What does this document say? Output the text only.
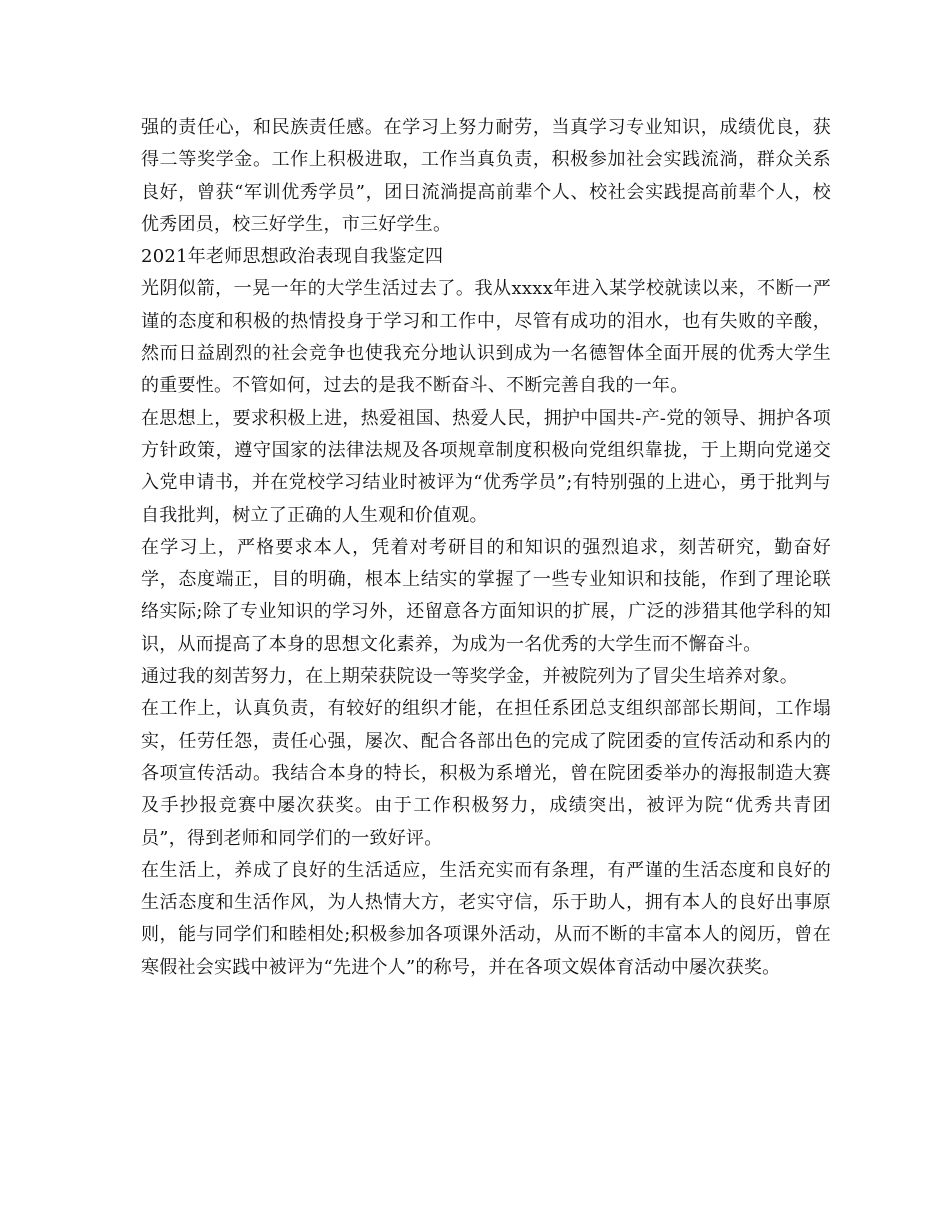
强的责任心，和民族责任感。在学习上努力耐劳，当真学习专业知识，成绩优良，获得二等奖学金。工作上积极进取，工作当真负责，积极参加社会实践流淌，群众关系良好，曾获“军训优秀学员”，团日流淌提高前辈个人、校社会实践提高前辈个人，校优秀团员，校三好学生，市三好学生。

2021年老师思想政治表现自我鉴定四

光阴似箭，一晃一年的大学生活过去了。我从xxxx年进入某学校就读以来，不断一严谨的态度和积极的热情投身于学习和工作中，尽管有成功的泪水，也有失败的辛酸，然而日益剧烈的社会竞争也使我充分地认识到成为一名德智体全面开展的优秀大学生的重要性。不管如何，过去的是我不断奋斗、不断完善自我的一年。

在思想上，要求积极上进，热爱祖国、热爱人民，拥护中国共-产-党的领导、拥护各项方针政策，遵守国家的法律法规及各项规章制度积极向党组织靠拢，于上期向党递交入党申请书，并在党校学习结业时被评为“优秀学员”;有特别强的上进心，勇于批判与自我批判，树立了正确的人生观和价值观。

在学习上，严格要求本人，凭着对考研目的和知识的强烈追求，刻苦研究，勤奋好学，态度端正，目的明确，根本上结实的掌握了一些专业知识和技能，作到了理论联络实际;除了专业知识的学习外，还留意各方面知识的扩展，广泛的涉猎其他学科的知识，从而提高了本身的思想文化素养，为成为一名优秀的大学生而不懈奋斗。

通过我的刻苦努力，在上期荣获院设一等奖学金，并被院列为了冒尖生培养对象。

在工作上，认真负责，有较好的组织才能，在担任系团总支组织部部长期间，工作塌实，任劳任怨，责任心强，屡次、配合各部出色的完成了院团委的宣传活动和系内的各项宣传活动。我结合本身的特长，积极为系增光，曾在院团委举办的海报制造大赛及手抄报竞赛中屡次获奖。由于工作积极努力，成绩突出，被评为院“优秀共青团员”，得到老师和同学们的一致好评。

在生活上，养成了良好的生活适应，生活充实而有条理，有严谨的生活态度和良好的生活态度和生活作风，为人热情大方，老实守信，乐于助人，拥有本人的良好出事原则，能与同学们和睦相处;积极参加各项课外活动，从而不断的丰富本人的阅历，曾在寒假社会实践中被评为“先进个人”的称号，并在各项文娱体育活动中屡次获奖。
